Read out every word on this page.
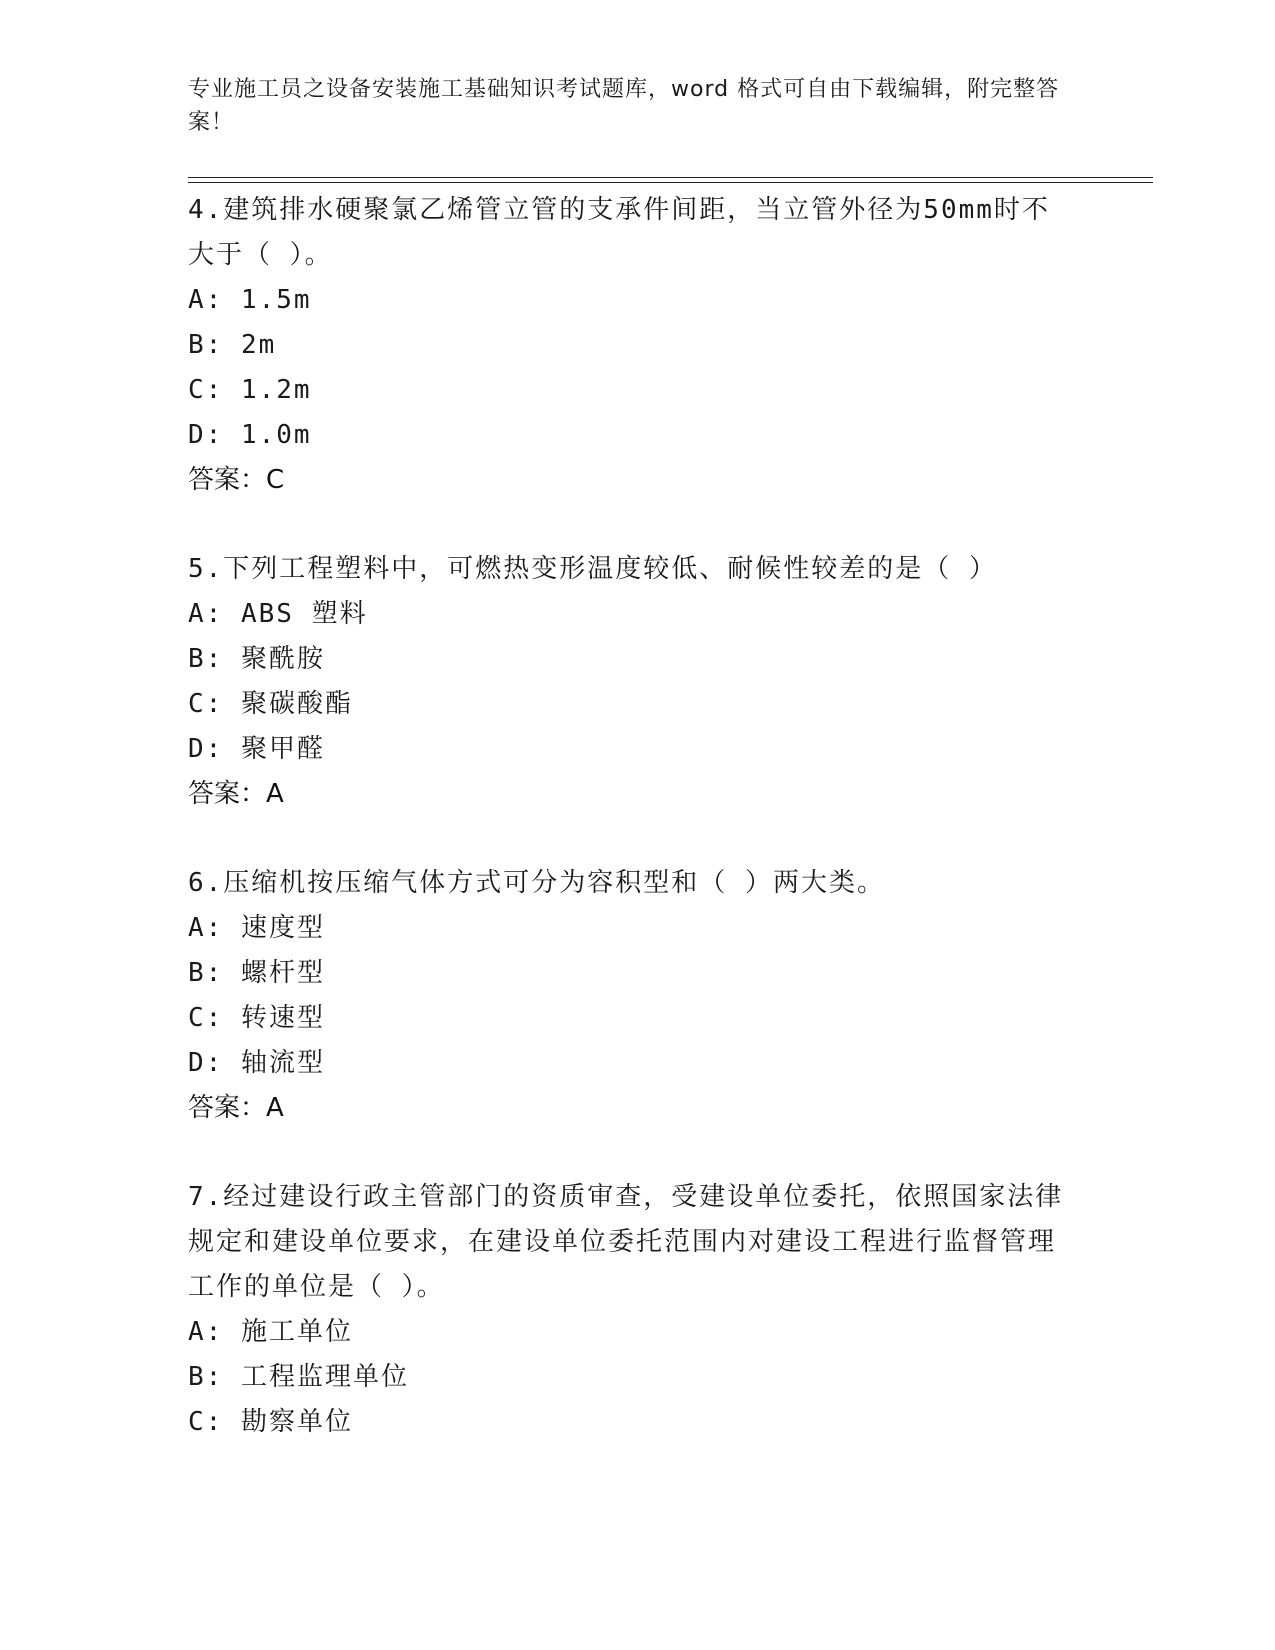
专业施工员之设备安装施工基础知识考试题库，word 格式可自由下载编辑，附完整答案！
4.建筑排水硬聚氯乙烯管立管的支承件间距，当立管外径为50mm时不大于（ ）。
A: 1.5m
B: 2m
C: 1.2m
D: 1.0m
答案：C
5.下列工程塑料中，可燃热变形温度较低、耐候性较差的是（ ）
A: ABS 塑料
B: 聚酰胺
C: 聚碳酸酯
D: 聚甲醛
答案：A
6.压缩机按压缩气体方式可分为容积型和（ ）两大类。
A: 速度型
B: 螺杆型
C: 转速型
D: 轴流型
答案：A
7.经过建设行政主管部门的资质审查，受建设单位委托，依照国家法律规定和建设单位要求，在建设单位委托范围内对建设工程进行监督管理工作的单位是（ ）。
A: 施工单位
B: 工程监理单位
C: 勘察单位
